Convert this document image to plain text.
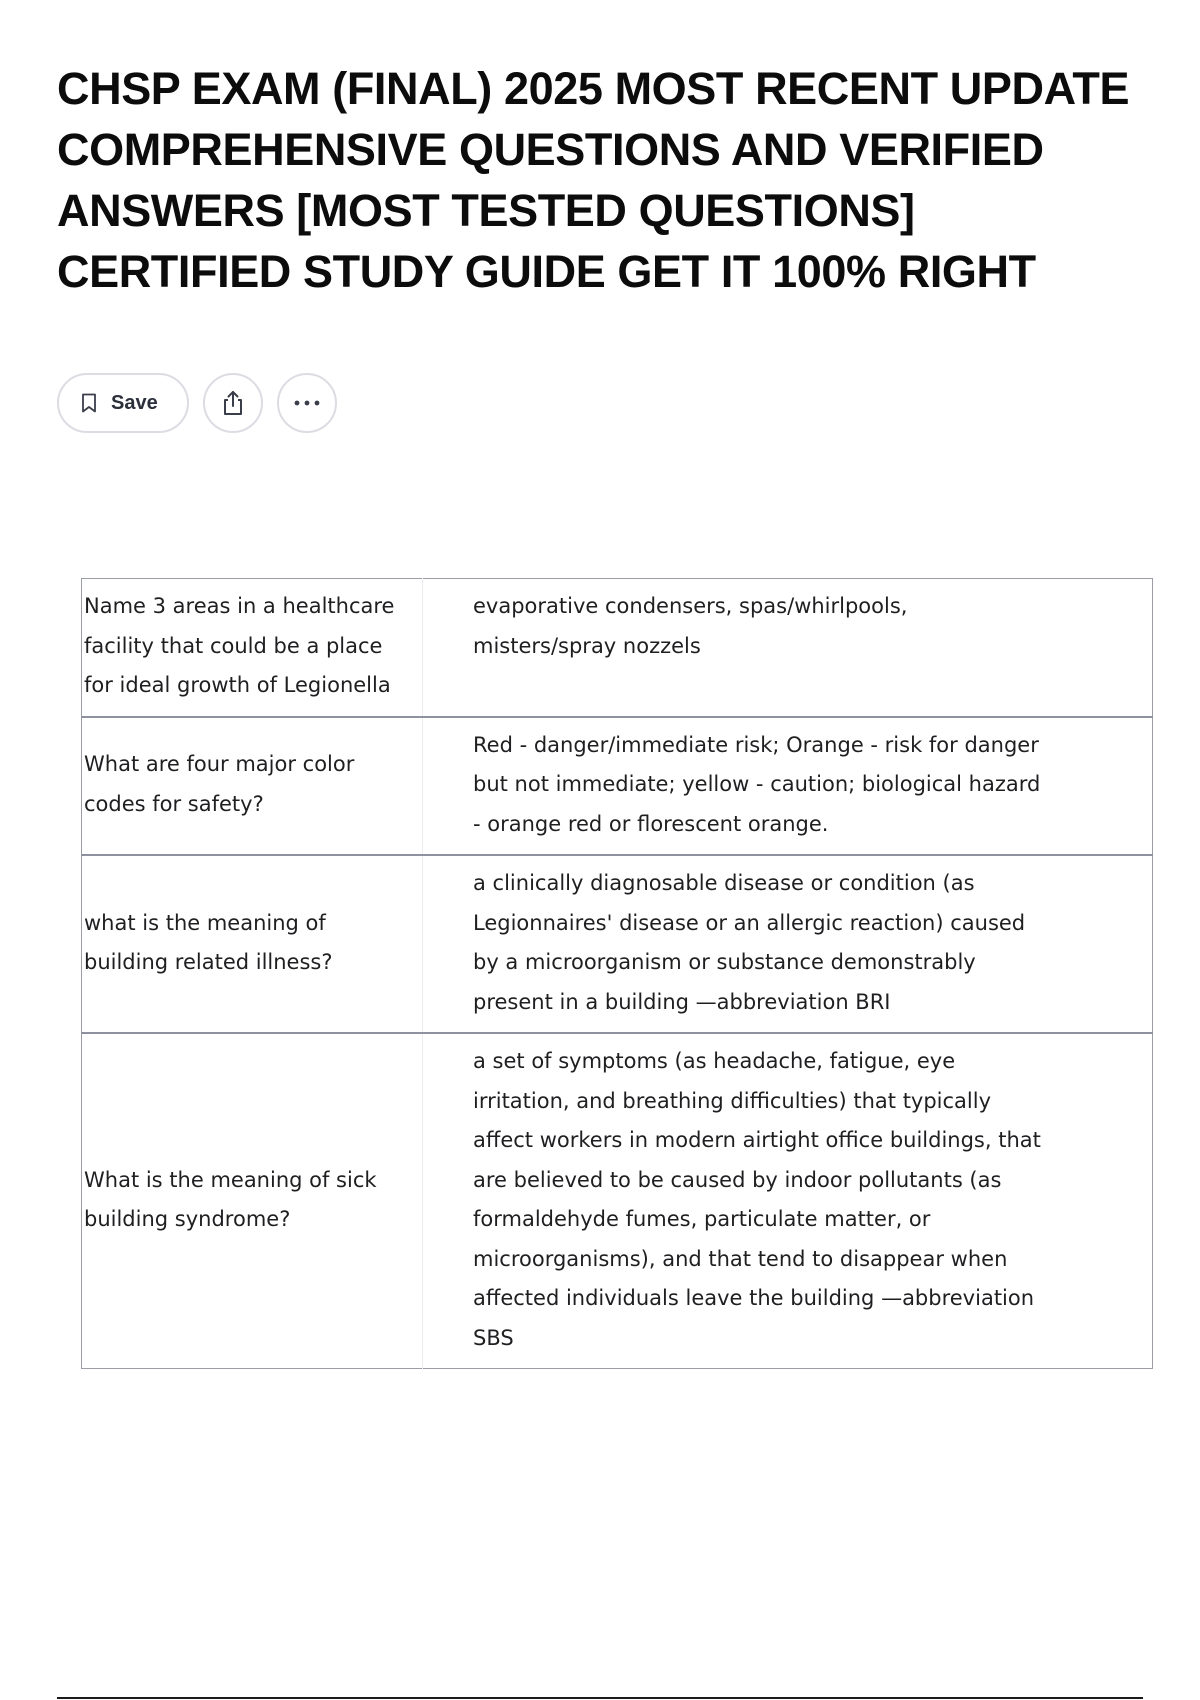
CHSP EXAM (FINAL) 2025 MOST RECENT UPDATE COMPREHENSIVE QUESTIONS AND VERIFIED ANSWERS [MOST TESTED QUESTIONS] CERTIFIED STUDY GUIDE GET IT 100% RIGHT
Save
Name 3 areas in a healthcare facility that could be a place for ideal growth of Legionella	evaporative condensers, spas/whirlpools, misters/spray nozzels
What are four major color codes for safety?	Red - danger/immediate risk; Orange - risk for danger but not immediate; yellow - caution; biological hazard - orange red or florescent orange.
what is the meaning of building related illness?	a clinically diagnosable disease or condition (as Legionnaires' disease or an allergic reaction) caused by a microorganism or substance demonstrably present in a building —abbreviation BRI
What is the meaning of sick building syndrome?	a set of symptoms (as headache, fatigue, eye irritation, and breathing difficulties) that typically affect workers in modern airtight office buildings, that are believed to be caused by indoor pollutants (as formaldehyde fumes, particulate matter, or microorganisms), and that tend to disappear when affected individuals leave the building —abbreviation SBS
